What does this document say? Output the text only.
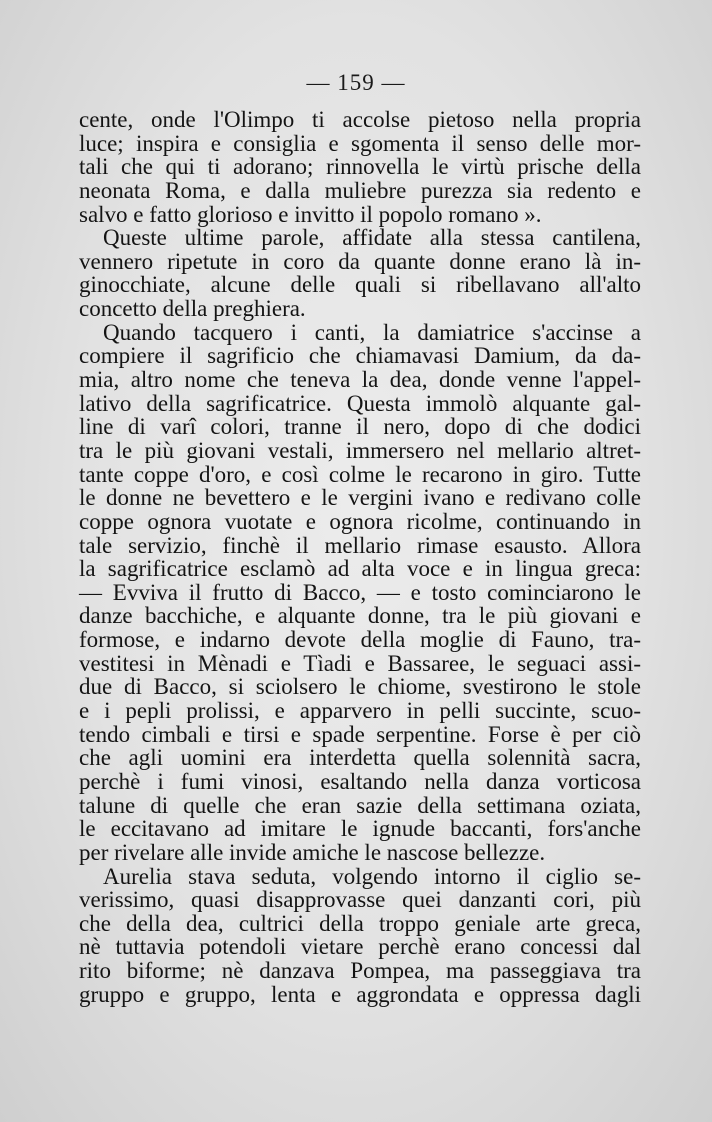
— 159 —
cente, onde l'Olimpo ti accolse pietoso nella propria
luce; inspira e consiglia e sgomenta il senso delle mor-
tali che qui ti adorano; rinnovella le virtù prische della
neonata Roma, e dalla muliebre purezza sia redento e
salvo e fatto glorioso e invitto il popolo romano ».
Queste ultime parole, affidate alla stessa cantilena,
vennero ripetute in coro da quante donne erano là in-
ginocchiate, alcune delle quali si ribellavano all'alto
concetto della preghiera.
Quando tacquero i canti, la damiatrice s'accinse a
compiere il sagrificio che chiamavasi Damium, da da-
mia, altro nome che teneva la dea, donde venne l'appel-
lativo della sagrificatrice. Questa immolò alquante gal-
line di varî colori, tranne il nero, dopo di che dodici
tra le più giovani vestali, immersero nel mellario altret-
tante coppe d'oro, e così colme le recarono in giro. Tutte
le donne ne bevettero e le vergini ivano e redivano colle
coppe ognora vuotate e ognora ricolme, continuando in
tale servizio, finchè il mellario rimase esausto. Allora
la sagrificatrice esclamò ad alta voce e in lingua greca:
— Evviva il frutto di Bacco, — e tosto cominciarono le
danze bacchiche, e alquante donne, tra le più giovani e
formose, e indarno devote della moglie di Fauno, tra-
vestitesi in Mènadi e Tìadi e Bassaree, le seguaci assi-
due di Bacco, si sciolsero le chiome, svestirono le stole
e i pepli prolissi, e apparvero in pelli succinte, scuo-
tendo cimbali e tirsi e spade serpentine. Forse è per ciò
che agli uomini era interdetta quella solennità sacra,
perchè i fumi vinosi, esaltando nella danza vorticosa
talune di quelle che eran sazie della settimana oziata,
le eccitavano ad imitare le ignude baccanti, fors'anche
per rivelare alle invide amiche le nascose bellezze.
Aurelia stava seduta, volgendo intorno il ciglio se-
verissimo, quasi disapprovasse quei danzanti cori, più
che della dea, cultrici della troppo geniale arte greca,
nè tuttavia potendoli vietare perchè erano concessi dal
rito biforme; nè danzava Pompea, ma passeggiava tra
gruppo e gruppo, lenta e aggrondata e oppressa dagli
